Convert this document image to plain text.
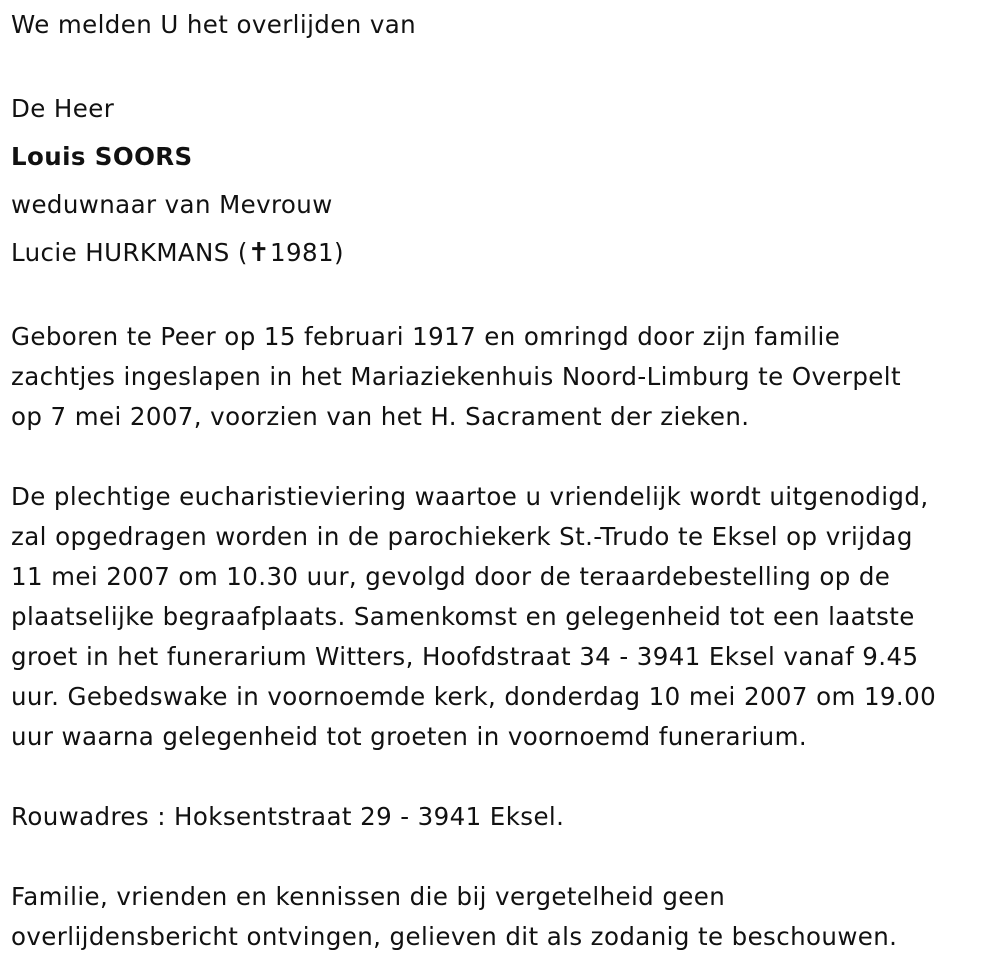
We melden U het overlijden van
De Heer
Louis SOORS
weduwnaar van Mevrouw
Lucie HURKMANS (✝1981)
Geboren te Peer op 15 februari 1917 en omringd door zijn familie
zachtjes ingeslapen in het Mariaziekenhuis Noord-Limburg te Overpelt
op 7 mei 2007, voorzien van het H. Sacrament der zieken.
De plechtige eucharistieviering waartoe u vriendelijk wordt uitgenodigd,
zal opgedragen worden in de parochiekerk St.-Trudo te Eksel op vrijdag
11 mei 2007 om 10.30 uur, gevolgd door de teraardebestelling op de
plaatselijke begraafplaats. Samenkomst en gelegenheid tot een laatste
groet in het funerarium Witters, Hoofdstraat 34 - 3941 Eksel vanaf 9.45
uur. Gebedswake in voornoemde kerk, donderdag 10 mei 2007 om 19.00
uur waarna gelegenheid tot groeten in voornoemd funerarium.
Rouwadres : Hoksentstraat 29 - 3941 Eksel.
Familie, vrienden en kennissen die bij vergetelheid geen
overlijdensbericht ontvingen, gelieven dit als zodanig te beschouwen.
